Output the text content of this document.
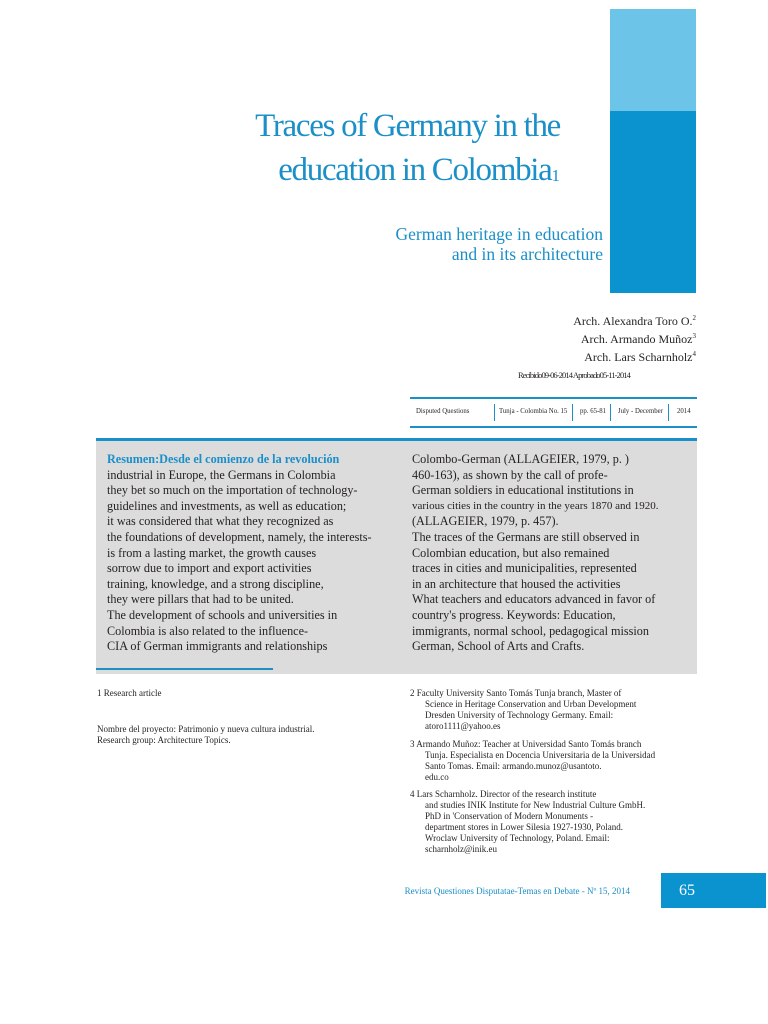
Traces of Germany in the
education in Colombia$^1$
German heritage in education
and in its architecture
Arch. Alexandra Toro O.$^2$
Arch. Armando Muñoz$^3$
Arch. Lars Scharnholz$^4$
Recibido09-06-2014 Aprobado05-11-2014
Disputed Questions	Tunja - Colombia No. 15 pp. 65-81 July - December 2014
Resumen:Desde el comienzo de la revolución
industrial in Europe, the Germans in Colombia
they bet so much on the importation of technology-
guidelines and investments, as well as education;
it was considered that what they recognized as
the foundations of development, namely, the interests-
is from a lasting market, the growth causes
sorrow due to import and export activities
training, knowledge, and a strong discipline,
they were pillars that had to be united.
The development of schools and universities in
Colombia is also related to the influence-
CIA of German immigrants and relationships
Colombo-German (ALLAGEIER, 1979, p. )
460-163), as shown by the call of profe-
German soldiers in educational institutions in
various cities in the country in the years 1870 and 1920.
(ALLAGEIER, 1979, p. 457).
The traces of the Germans are still observed in
Colombian education, but also remained
traces in cities and municipalities, represented
in an architecture that housed the activities
What teachers and educators advanced in favor of
country's progress. Keywords: Education,
immigrants, normal school, pedagogical mission
German, School of Arts and Crafts.
1 Research article
Nombre del proyecto: Patrimonio y nueva cultura industrial.
Research group: Architecture Topics.
2 Faculty University Santo Tomás Tunja branch, Master of
Science in Heritage Conservation and Urban Development
Dresden University of Technology Germany. Email:
atoro1111@yahoo.es
3 Armando Muñoz: Teacher at Universidad Santo Tomás branch
Tunja. Especialista en Docencia Universitaria de la Universidad
Santo Tomas. Email: armando.munoz@usantoto.
edu.co
4 Lars Scharnholz. Director of the research institute
and studies INIK Institute for New Industrial Culture GmbH.
PhD in 'Conservation of Modern Monuments -
department stores in Lower Silesia 1927-1930, Poland.
Wroclaw University of Technology, Poland. Email:
scharnholz@inik.eu
Revista Questiones Disputatae-Temas en Debate - Nº 15, 2014	65
